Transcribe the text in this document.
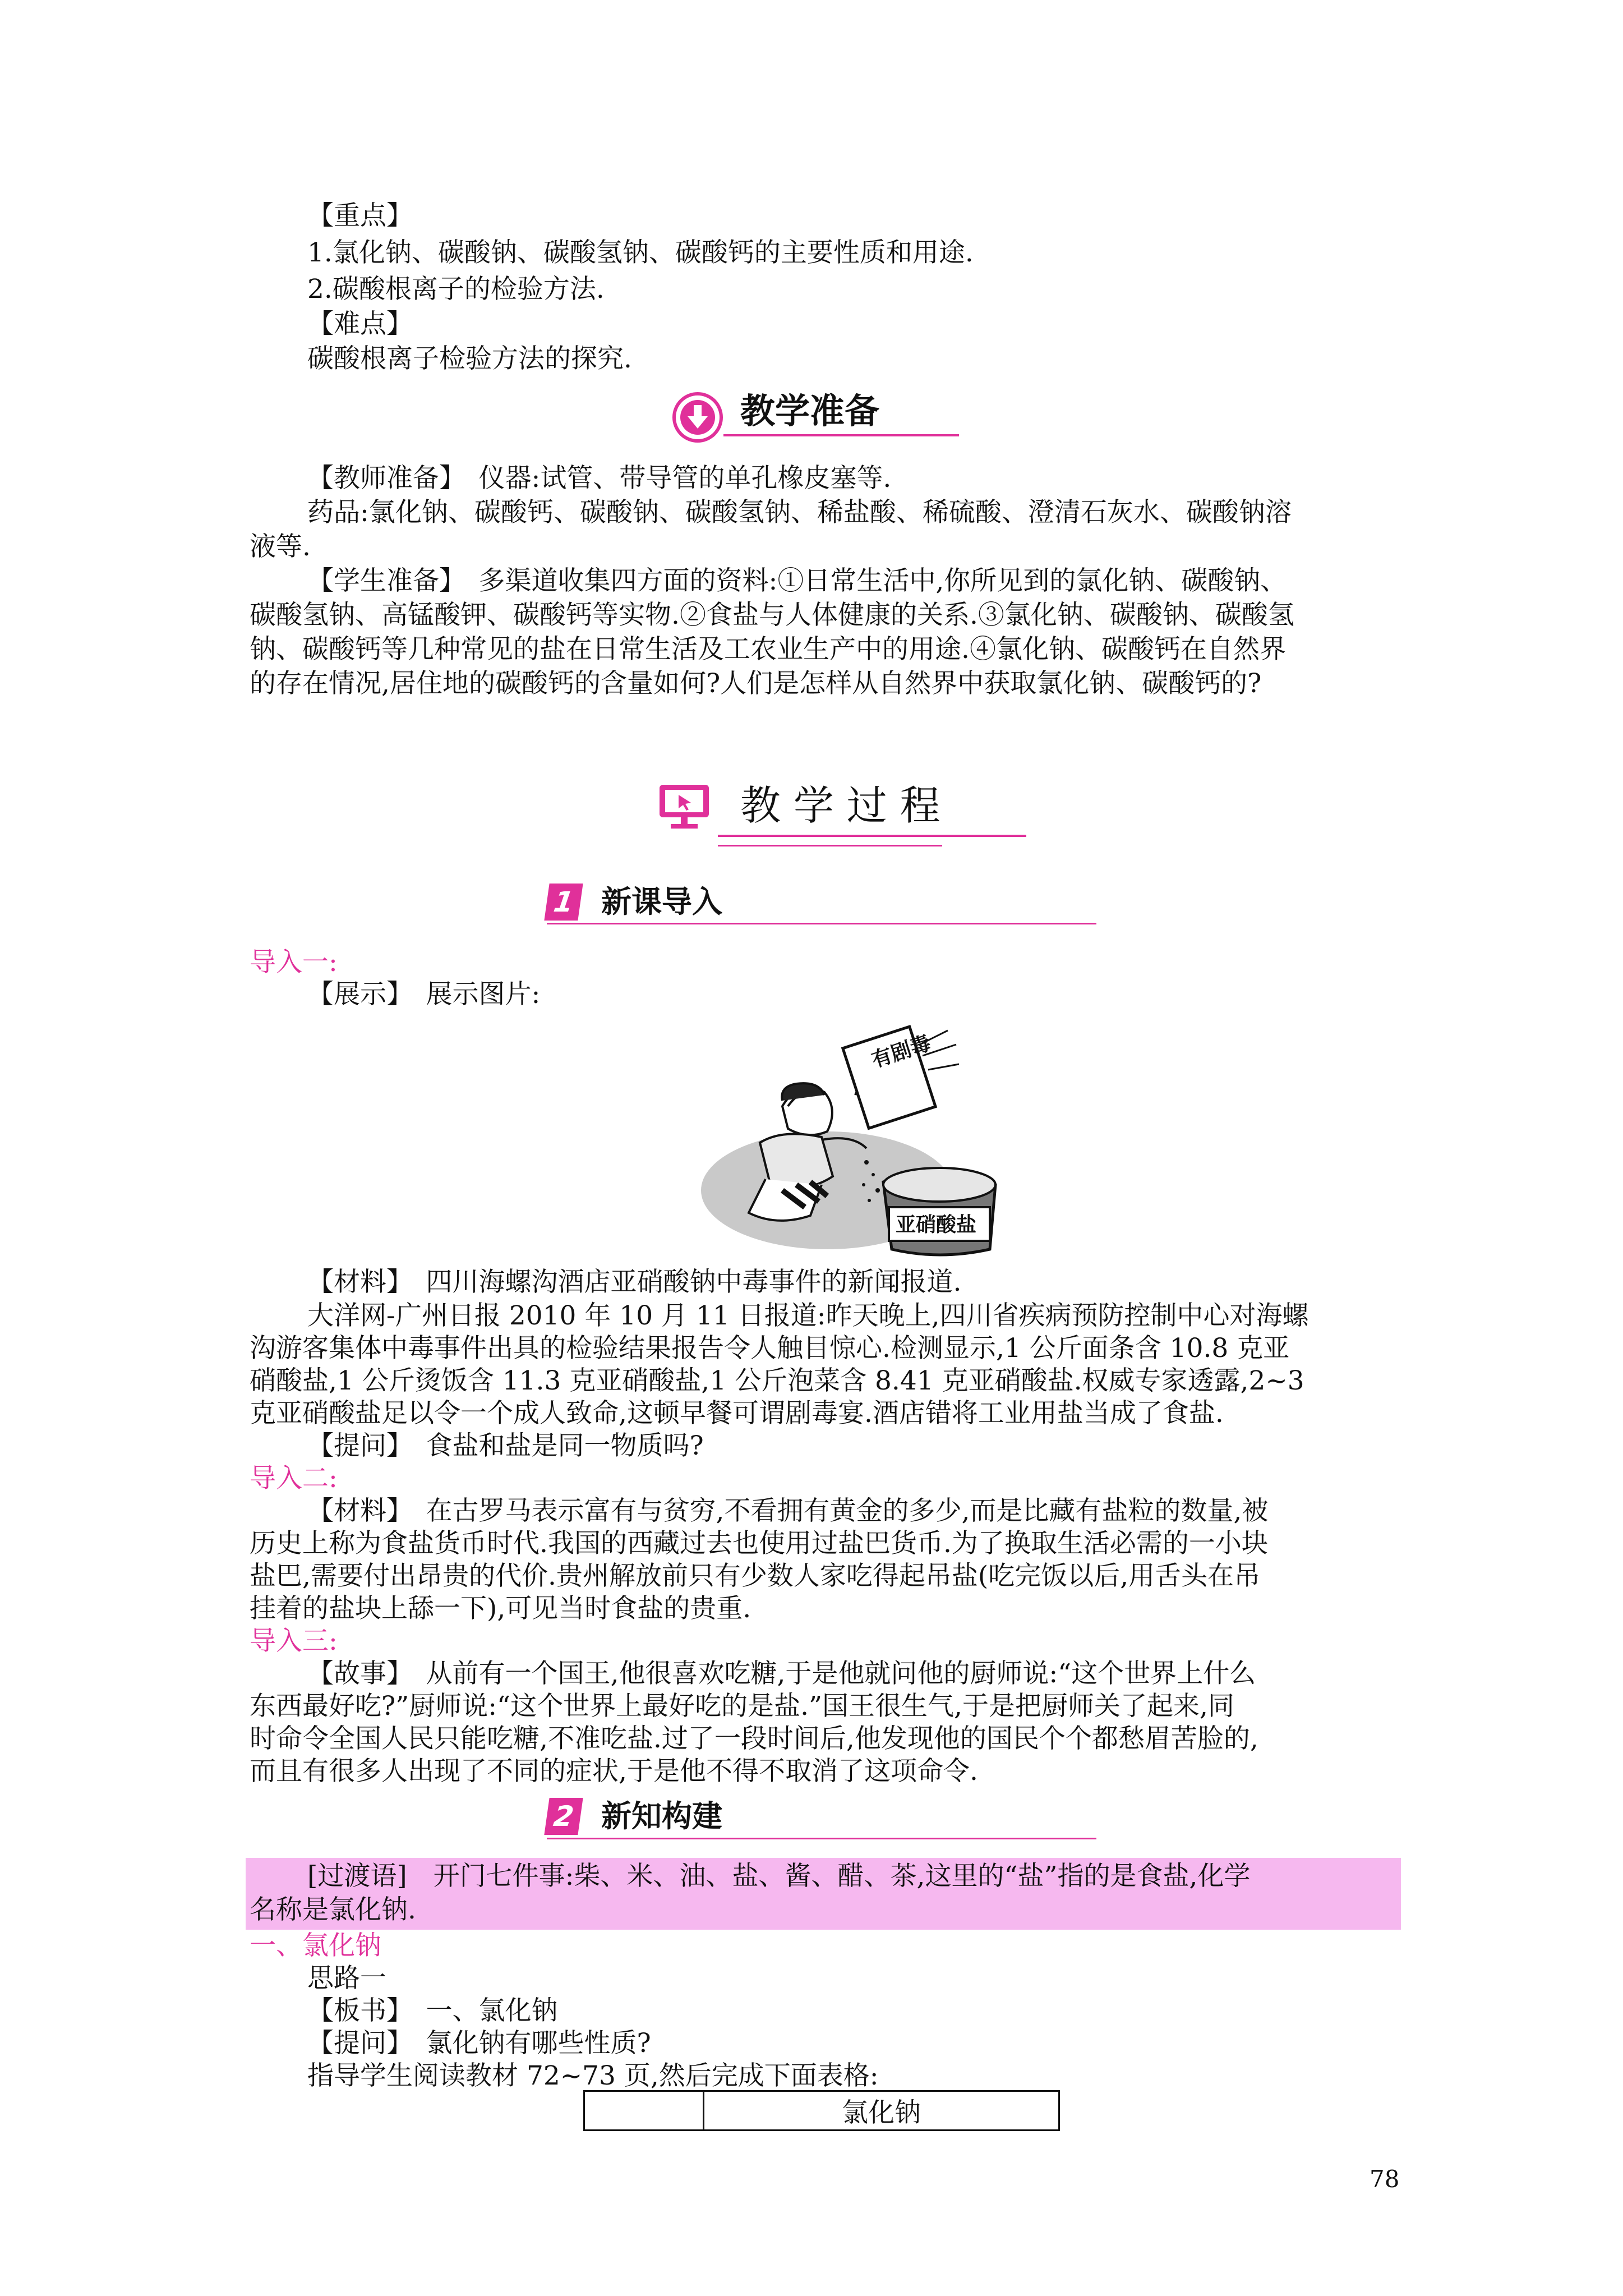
【重点】
1.氯化钠、碳酸钠、碳酸氢钠、碳酸钙的主要性质和用途.
2.碳酸根离子的检验方法.
【难点】
碳酸根离子检验方法的探究.
教学准备
【教师准备】　仪器:试管、带导管的单孔橡皮塞等.
药品:氯化钠、碳酸钙、碳酸钠、碳酸氢钠、稀盐酸、稀硫酸、澄清石灰水、碳酸钠溶
液等.
【学生准备】　多渠道收集四方面的资料:①日常生活中,你所见到的氯化钠、碳酸钠、
碳酸氢钠、高锰酸钾、碳酸钙等实物.②食盐与人体健康的关系.③氯化钠、碳酸钠、碳酸氢
钠、碳酸钙等几种常见的盐在日常生活及工农业生产中的用途.④氯化钠、碳酸钙在自然界
的存在情况,居住地的碳酸钙的含量如何?人们是怎样从自然界中获取氯化钠、碳酸钙的?
教 学 过 程
1 新课导入
导入一:
【展示】　展示图片:
有剧毒
亚硝酸盐
【材料】　四川海螺沟酒店亚硝酸钠中毒事件的新闻报道.
大洋网-广州日报 2010 年 10 月 11 日报道:昨天晚上,四川省疾病预防控制中心对海螺
沟游客集体中毒事件出具的检验结果报告令人触目惊心.检测显示,1 公斤面条含 10.8 克亚
硝酸盐,1 公斤烫饭含 11.3 克亚硝酸盐,1 公斤泡菜含 8.41 克亚硝酸盐.权威专家透露,2~3
克亚硝酸盐足以令一个成人致命,这顿早餐可谓剧毒宴.酒店错将工业用盐当成了食盐.
【提问】　食盐和盐是同一物质吗?
导入二:
【材料】　在古罗马表示富有与贫穷,不看拥有黄金的多少,而是比藏有盐粒的数量,被
历史上称为食盐货币时代.我国的西藏过去也使用过盐巴货币.为了换取生活必需的一小块
盐巴,需要付出昂贵的代价.贵州解放前只有少数人家吃得起吊盐(吃完饭以后,用舌头在吊
挂着的盐块上舔一下),可见当时食盐的贵重.
导入三:
【故事】　从前有一个国王,他很喜欢吃糖,于是他就问他的厨师说:“这个世界上什么
东西最好吃?”厨师说:“这个世界上最好吃的是盐.”国王很生气,于是把厨师关了起来,同
时命令全国人民只能吃糖,不准吃盐.过了一段时间后,他发现他的国民个个都愁眉苦脸的,
而且有很多人出现了不同的症状,于是他不得不取消了这项命令.
2 新知构建
[过渡语]　开门七件事:柴、米、油、盐、酱、醋、茶,这里的“盐”指的是食盐,化学
名称是氯化钠.
一、氯化钠
思路一
【板书】　一、氯化钠
【提问】　氯化钠有哪些性质?
指导学生阅读教材 72~73 页,然后完成下面表格:
	氯化钠
78
